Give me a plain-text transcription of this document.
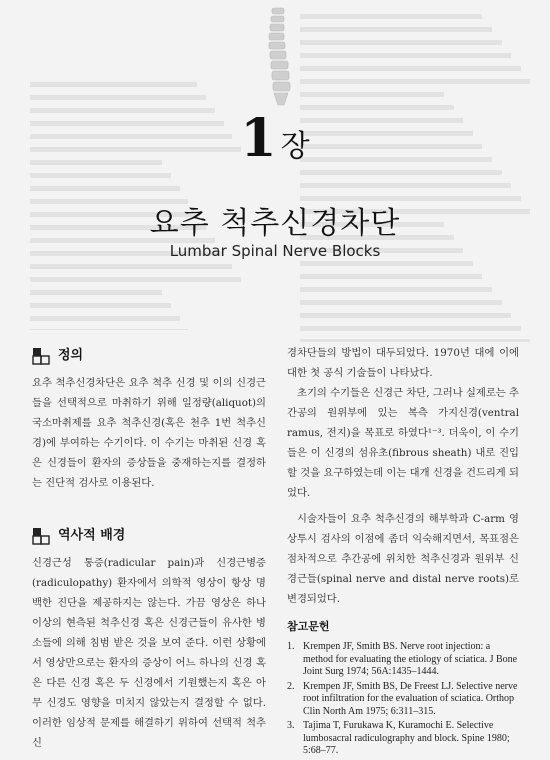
1 장
요추 척추신경차단
Lumbar Spinal Nerve Blocks
정의

요추 척추신경차단은 요추 척추 신경 및 이의 신경근들을 선택적으로 마취하기 위해 일정량(aliquot)의 국소마취제를 요추 척추신경(혹은 천추 1번 척추신경)에 부여하는 수기이다. 이 수기는 마취된 신경 혹은 신경들이 환자의 증상들을 중재하는지를 결정하는 진단적 검사로 이용된다.

역사적 배경

신경근성 통증(radicular pain)과 신경근병증(radiculopathy) 환자에서 의학적 영상이 항상 명백한 진단을 제공하지는 않는다. 가끔 영상은 하나 이상의 현측된 척추신경 혹은 신경근들이 유사한 병소들에 의해 침범 받은 것을 보여 준다. 이런 상황에서 영상만으로는 환자의 증상이 어느 하나의 신경 혹은 다른 신경 혹은 두 신경에서 기원했는지 혹은 아무 신경도 영향을 미치지 않았는지 결정할 수 없다. 이러한 임상적 문제를 해결하기 위하여 선택적 척추신

경차단들의 방법이 대두되었다. 1970년 대에 이에 대한 첫 공식 기술들이 나타났다.

초기의 수기들은 신경근 차단, 그러나 실제로는 추간공의 원위부에 있는 복측 가지신경(ventral ramus, 전지)을 목표로 하였다¹⁻³. 더욱이, 이 수기들은 이 신경의 섬유초(fibrous sheath) 내로 진입할 것을 요구하였는데 이는 대개 신경을 건드리게 되었다.

시술자들이 요추 척추신경의 해부학과 C-arm 영상투시 검사의 이점에 좀더 익숙해지면서, 목표점은 점차적으로 추간공에 위치한 척추신경과 원위부 신경근들(spinal nerve and distal nerve roots)로 변경되었다.

참고문헌
1. Krempen JF, Smith BS. Nerve root injection: a method for evaluating the etiology of sciatica. J Bone Joint Surg 1974; 56A:1435–1444.
2. Krempen JF, Smith BS, De Freest LJ. Selective nerve root infiltration for the evaluation of sciatica. Orthop Clin North Am 1975; 6:311–315.
3. Tajima T, Furukawa K, Kuramochi E. Selective lumbosacral radiculography and block. Spine 1980; 5:68–77.
